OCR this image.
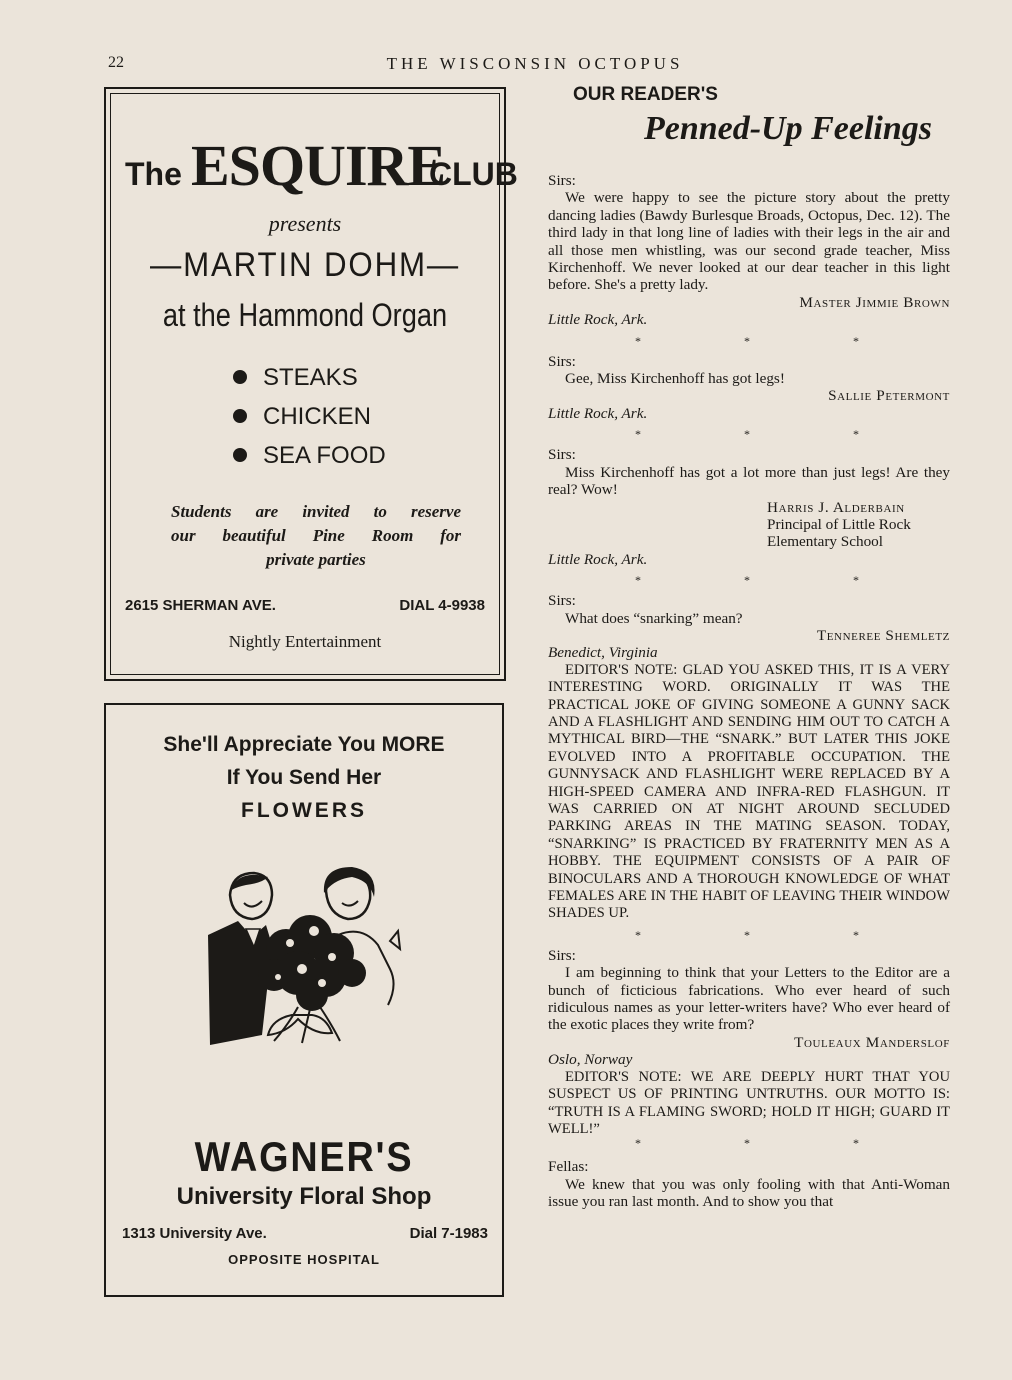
22	THE WISCONSIN OCTOPUS
The ESQUIRE
CLUB
presents
—MARTIN DOHM—
at the Hammond Organ
STEAKS
CHICKEN
SEA FOOD
Students are invited to reserve
our beautiful Pine Room for
private parties
2615 SHERMAN AVE.	DIAL 4-9938
Nightly Entertainment
She'll Appreciate You MORE
If You Send Her
FLOWERS
WAGNER'S
University Floral Shop
1313 University Ave.	Dial 7-1983
OPPOSITE HOSPITAL
OUR READER'S
Penned-Up Feelings
Sirs:

We were happy to see the picture story about the pretty dancing ladies (Bawdy Burlesque Broads, Octopus, Dec. 12). The third lady in that long line of ladies with their legs in the air and all those men whistling, was our second grade teacher, Miss Kirchenhoff. We never looked at our dear teacher in this light before. She's a pretty lady.

Master Jimmie Brown
Little Rock, Ark.
* * *
Sirs:

Gee, Miss Kirchenhoff has got legs!

Sallie Petermont
Little Rock, Ark.
* * *
Sirs:

Miss Kirchenhoff has got a lot more than just legs! Are they real? Wow!

Harris J. Alderbain
Principal of Little Rock
Elementary School
Little Rock, Ark.
* * *
Sirs:

What does “snarking” mean?

Tenneree Shemletz
Benedict, Virginia

EDITOR'S NOTE: GLAD YOU ASKED THIS, IT IS A VERY INTERESTING WORD. ORIGINALLY IT WAS THE PRACTICAL JOKE OF GIVING SOMEONE A GUNNY SACK AND A FLASHLIGHT AND SENDING HIM OUT TO CATCH A MYTHICAL BIRD—THE “SNARK.” BUT LATER THIS JOKE EVOLVED INTO A PROFITABLE OCCUPATION. THE GUNNYSACK AND FLASHLIGHT WERE REPLACED BY A HIGH-SPEED CAMERA AND INFRA-RED FLASHGUN. IT WAS CARRIED ON AT NIGHT AROUND SECLUDED PARKING AREAS IN THE MATING SEASON. TODAY, “SNARKING” IS PRACTICED BY FRATERNITY MEN AS A HOBBY. THE EQUIPMENT CONSISTS OF A PAIR OF BINOCULARS AND A THOROUGH KNOWLEDGE OF WHAT FEMALES ARE IN THE HABIT OF LEAVING THEIR WINDOW SHADES UP.

* * *
Sirs:

I am beginning to think that your Letters to the Editor are a bunch of ficticious fabrications. Who ever heard of such ridiculous names as your letter-writers have? Who ever heard of the exotic places they write from?

Touleaux Manderslof
Oslo, Norway

EDITOR'S NOTE: WE ARE DEEPLY HURT THAT YOU SUSPECT US OF PRINTING UNTRUTHS. OUR MOTTO IS: “TRUTH IS A FLAMING SWORD; HOLD IT HIGH; GUARD IT WELL!”

* * *
Fellas:

We knew that you was only fooling with that Anti-Woman issue you ran last month. And to show you that
